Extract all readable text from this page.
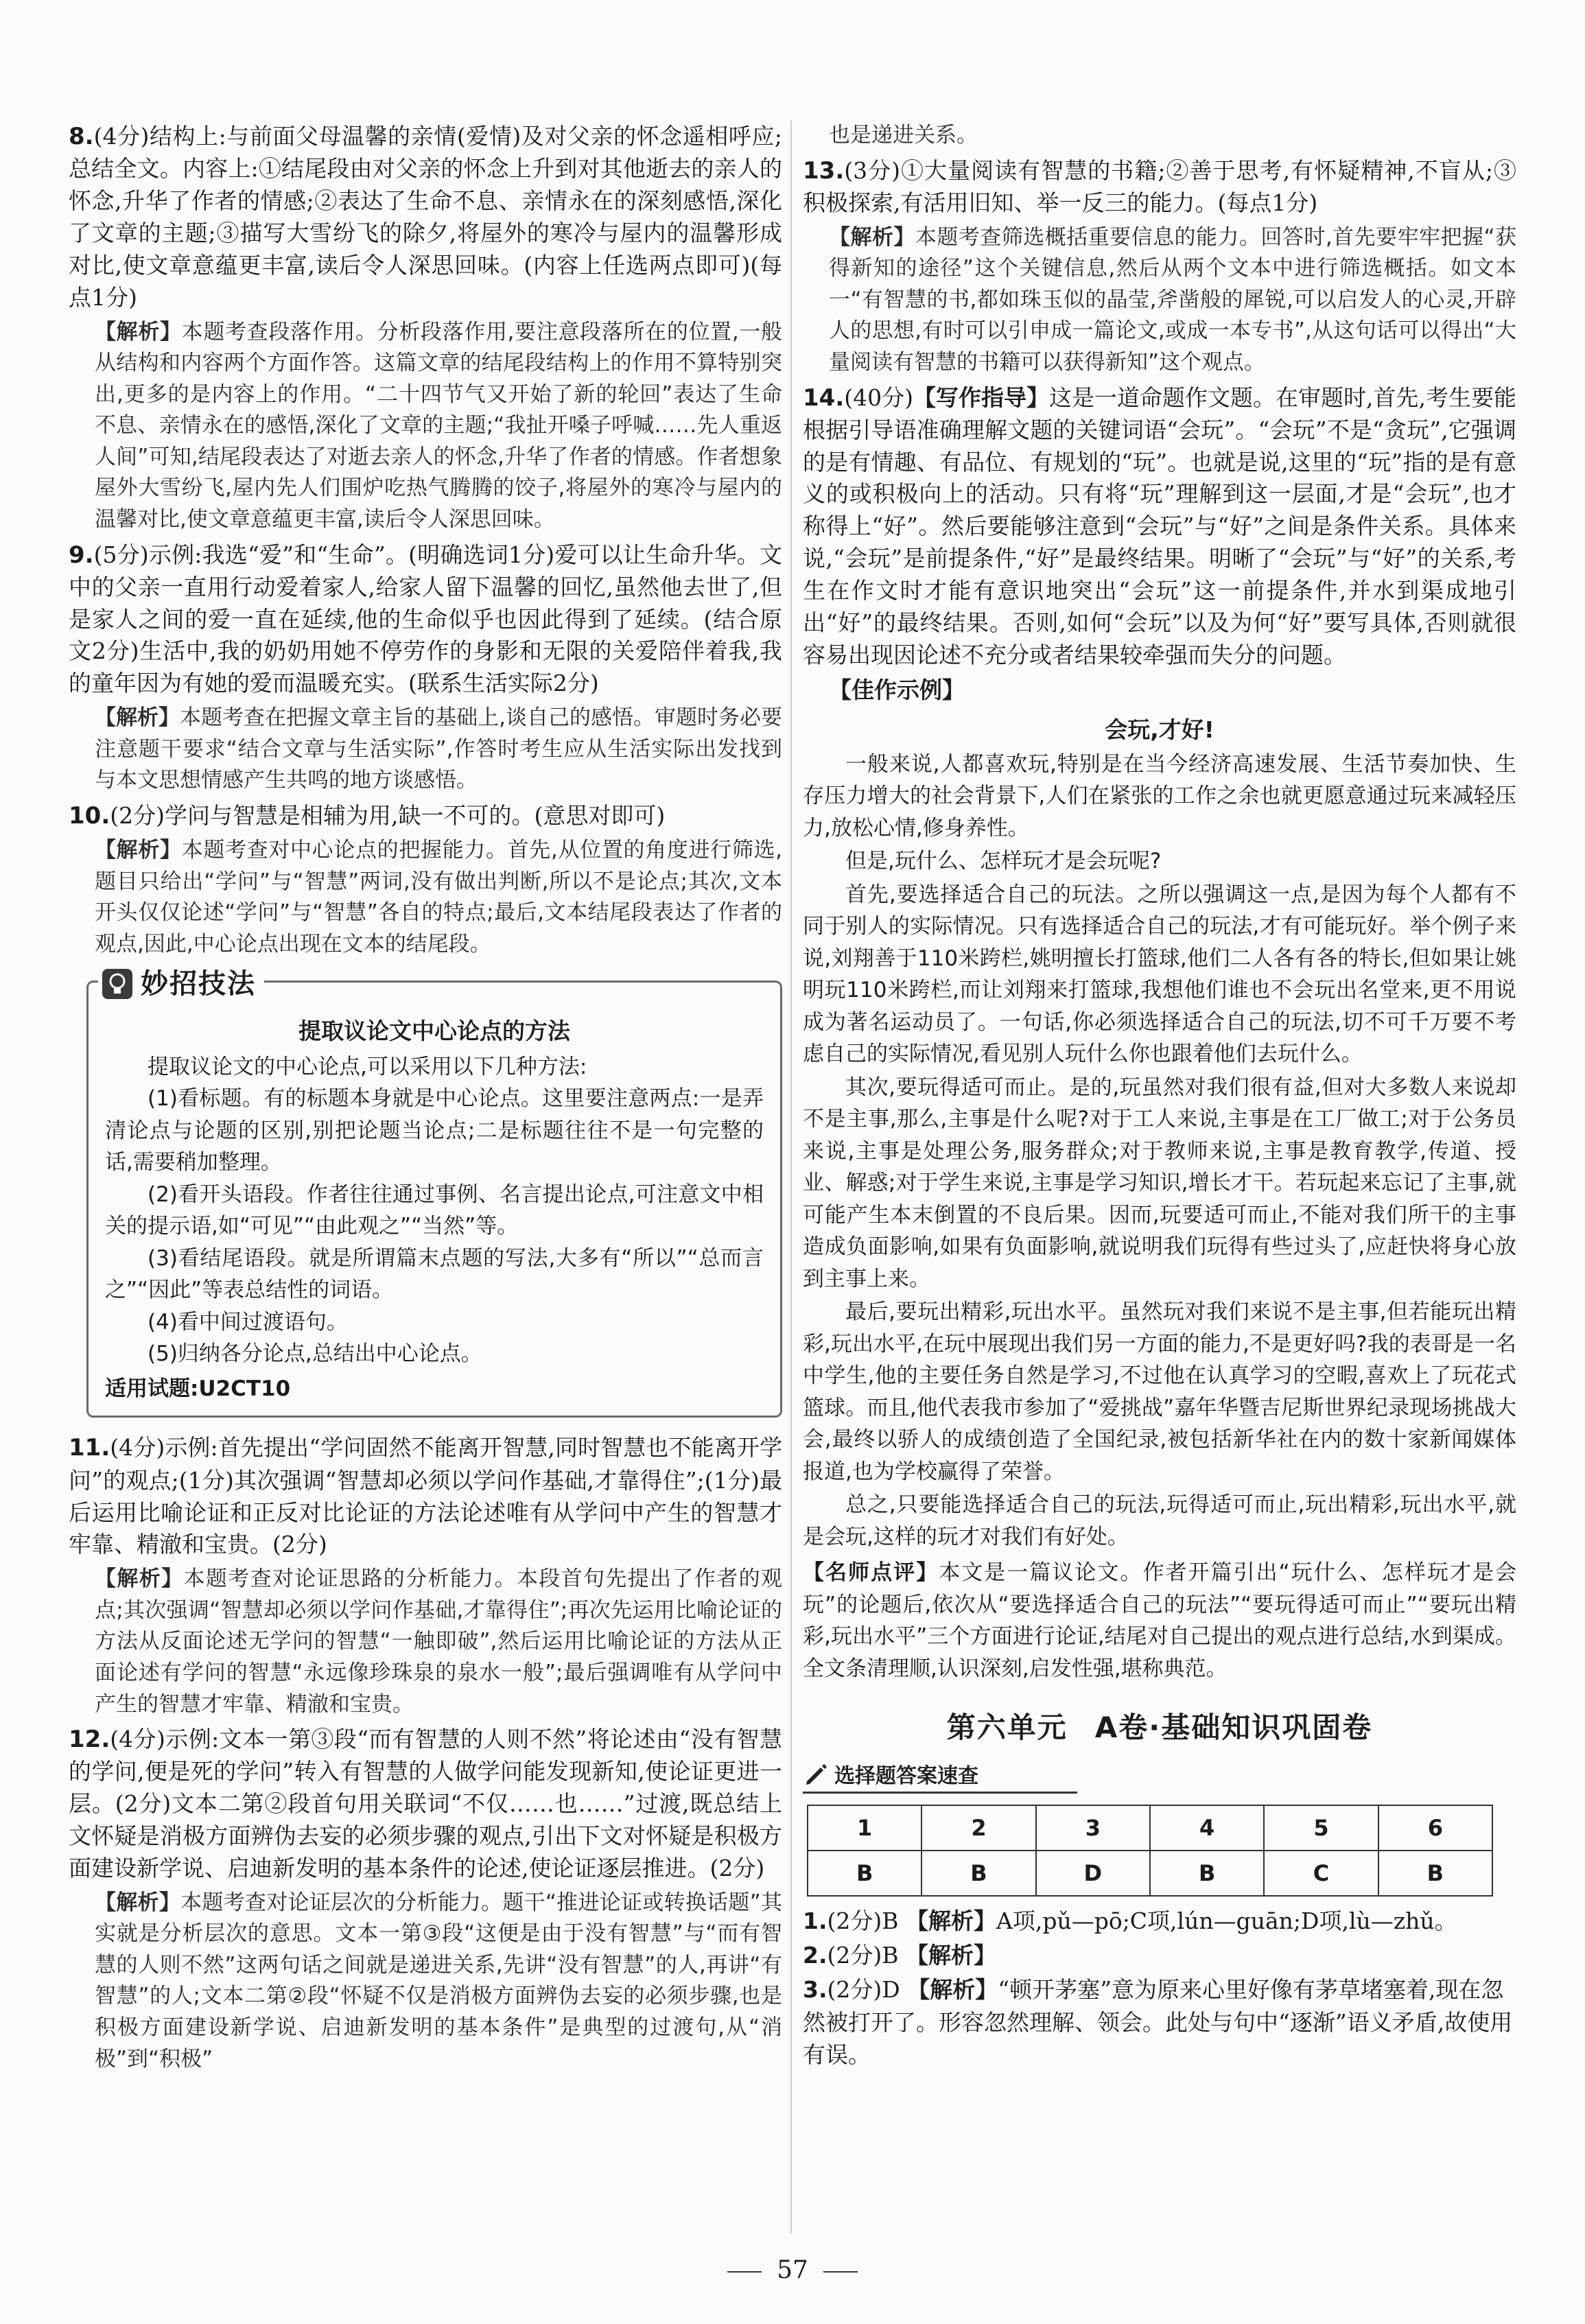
8.(4分)结构上:与前面父母温馨的亲情(爱情)及对父亲的怀念遥相呼应;总结全文。内容上:①结尾段由对父亲的怀念上升到对其他逝去的亲人的怀念,升华了作者的情感;②表达了生命不息、亲情永在的深刻感悟,深化了文章的主题;③描写大雪纷飞的除夕,将屋外的寒冷与屋内的温馨形成对比,使文章意蕴更丰富,读后令人深思回味。(内容上任选两点即可)(每点1分)
【解析】本题考查段落作用。分析段落作用,要注意段落所在的位置,一般从结构和内容两个方面作答。这篇文章的结尾段结构上的作用不算特别突出,更多的是内容上的作用。“二十四节气又开始了新的轮回”表达了生命不息、亲情永在的感悟,深化了文章的主题;“我扯开嗓子呼喊……先人重返人间”可知,结尾段表达了对逝去亲人的怀念,升华了作者的情感。作者想象屋外大雪纷飞,屋内先人们围炉吃热气腾腾的饺子,将屋外的寒冷与屋内的温馨对比,使文章意蕴更丰富,读后令人深思回味。
9.(5分)示例:我选“爱”和“生命”。(明确选词1分)爱可以让生命升华。文中的父亲一直用行动爱着家人,给家人留下温馨的回忆,虽然他去世了,但是家人之间的爱一直在延续,他的生命似乎也因此得到了延续。(结合原文2分)生活中,我的奶奶用她不停劳作的身影和无限的关爱陪伴着我,我的童年因为有她的爱而温暖充实。(联系生活实际2分)
【解析】本题考查在把握文章主旨的基础上,谈自己的感悟。审题时务必要注意题干要求“结合文章与生活实际”,作答时考生应从生活实际出发找到与本文思想情感产生共鸣的地方谈感悟。
10.(2分)学问与智慧是相辅为用,缺一不可的。(意思对即可)
【解析】本题考查对中心论点的把握能力。首先,从位置的角度进行筛选,题目只给出“学问”与“智慧”两词,没有做出判断,所以不是论点;其次,文本开头仅仅论述“学问”与“智慧”各自的特点;最后,文本结尾段表达了作者的观点,因此,中心论点出现在文本的结尾段。
妙招技法
提取议论文中心论点的方法

提取议论文的中心论点,可以采用以下几种方法:

(1)看标题。有的标题本身就是中心论点。这里要注意两点:一是弄清论点与论题的区别,别把论题当论点;二是标题往往不是一句完整的话,需要稍加整理。

(2)看开头语段。作者往往通过事例、名言提出论点,可注意文中相关的提示语,如“可见”“由此观之”“当然”等。

(3)看结尾语段。就是所谓篇末点题的写法,大多有“所以”“总而言之”“因此”等表总结性的词语。

(4)看中间过渡语句。

(5)归纳各分论点,总结出中心论点。

适用试题:U2CT10

11.(4分)示例:首先提出“学问固然不能离开智慧,同时智慧也不能离开学问”的观点;(1分)其次强调“智慧却必须以学问作基础,才靠得住”;(1分)最后运用比喻论证和正反对比论证的方法论述唯有从学问中产生的智慧才牢靠、精澈和宝贵。(2分)
【解析】本题考查对论证思路的分析能力。本段首句先提出了作者的观点;其次强调“智慧却必须以学问作基础,才靠得住”;再次先运用比喻论证的方法从反面论述无学问的智慧“一触即破”,然后运用比喻论证的方法从正面论述有学问的智慧“永远像珍珠泉的泉水一般”;最后强调唯有从学问中产生的智慧才牢靠、精澈和宝贵。
12.(4分)示例:文本一第③段“而有智慧的人则不然”将论述由“没有智慧的学问,便是死的学问”转入有智慧的人做学问能发现新知,使论证更进一层。(2分)文本二第②段首句用关联词“不仅……也……”过渡,既总结上文怀疑是消极方面辨伪去妄的必须步骤的观点,引出下文对怀疑是积极方面建设新学说、启迪新发明的基本条件的论述,使论证逐层推进。(2分)
【解析】本题考查对论证层次的分析能力。题干“推进论证或转换话题”其实就是分析层次的意思。文本一第③段“这便是由于没有智慧”与“而有智慧的人则不然”这两句话之间就是递进关系,先讲“没有智慧”的人,再讲“有智慧”的人;文本二第②段“怀疑不仅是消极方面辨伪去妄的必须步骤,也是积极方面建设新学说、启迪新发明的基本条件”是典型的过渡句,从“消极”到“积极”
也是递进关系。
13.(3分)①大量阅读有智慧的书籍;②善于思考,有怀疑精神,不盲从;③积极探索,有活用旧知、举一反三的能力。(每点1分)
【解析】本题考查筛选概括重要信息的能力。回答时,首先要牢牢把握“获得新知的途径”这个关键信息,然后从两个文本中进行筛选概括。如文本一“有智慧的书,都如珠玉似的晶莹,斧凿般的犀锐,可以启发人的心灵,开辟人的思想,有时可以引申成一篇论文,或成一本专书”,从这句话可以得出“大量阅读有智慧的书籍可以获得新知”这个观点。
14.(40分)【写作指导】这是一道命题作文题。在审题时,首先,考生要能根据引导语准确理解文题的关键词语“会玩”。“会玩”不是“贪玩”,它强调的是有情趣、有品位、有规划的“玩”。也就是说,这里的“玩”指的是有意义的或积极向上的活动。只有将“玩”理解到这一层面,才是“会玩”,也才称得上“好”。然后要能够注意到“会玩”与“好”之间是条件关系。具体来说,“会玩”是前提条件,“好”是最终结果。明晰了“会玩”与“好”的关系,考生在作文时才能有意识地突出“会玩”这一前提条件,并水到渠成地引出“好”的最终结果。否则,如何“会玩”以及为何“好”要写具体,否则就很容易出现因论述不充分或者结果较牵强而失分的问题。
【佳作示例】
会玩,才好!

一般来说,人都喜欢玩,特别是在当今经济高速发展、生活节奏加快、生存压力增大的社会背景下,人们在紧张的工作之余也就更愿意通过玩来减轻压力,放松心情,修身养性。

但是,玩什么、怎样玩才是会玩呢?

首先,要选择适合自己的玩法。之所以强调这一点,是因为每个人都有不同于别人的实际情况。只有选择适合自己的玩法,才有可能玩好。举个例子来说,刘翔善于110米跨栏,姚明擅长打篮球,他们二人各有各的特长,但如果让姚明玩110米跨栏,而让刘翔来打篮球,我想他们谁也不会玩出名堂来,更不用说成为著名运动员了。一句话,你必须选择适合自己的玩法,切不可千万要不考虑自己的实际情况,看见别人玩什么你也跟着他们去玩什么。

其次,要玩得适可而止。是的,玩虽然对我们很有益,但对大多数人来说却不是主事,那么,主事是什么呢?对于工人来说,主事是在工厂做工;对于公务员来说,主事是处理公务,服务群众;对于教师来说,主事是教育教学,传道、授业、解惑;对于学生来说,主事是学习知识,增长才干。若玩起来忘记了主事,就可能产生本末倒置的不良后果。因而,玩要适可而止,不能对我们所干的主事造成负面影响,如果有负面影响,就说明我们玩得有些过头了,应赶快将身心放到主事上来。

最后,要玩出精彩,玩出水平。虽然玩对我们来说不是主事,但若能玩出精彩,玩出水平,在玩中展现出我们另一方面的能力,不是更好吗?我的表哥是一名中学生,他的主要任务自然是学习,不过他在认真学习的空暇,喜欢上了玩花式篮球。而且,他代表我市参加了“爱挑战”嘉年华暨吉尼斯世界纪录现场挑战大会,最终以骄人的成绩创造了全国纪录,被包括新华社在内的数十家新闻媒体报道,也为学校赢得了荣誉。

总之,只要能选择适合自己的玩法,玩得适可而止,玩出精彩,玩出水平,就是会玩,这样的玩才对我们有好处。

【名师点评】本文是一篇议论文。作者开篇引出“玩什么、怎样玩才是会玩”的论题后,依次从“要选择适合自己的玩法”“要玩得适可而止”“要玩出精彩,玩出水平”三个方面进行论证,结尾对自己提出的观点进行总结,水到渠成。全文条清理顺,认识深刻,启发性强,堪称典范。
第六单元 A卷·基础知识巩固卷
选择题答案速查
1	2	3	4	5	6
B	B	D	B	C	B
1.(2分)B 【解析】A项,pǔ—pō;C项,lún—guān;D项,lù—zhǔ。
2.(2分)B 【解析】
3.(2分)D 【解析】“顿开茅塞”意为原来心里好像有茅草堵塞着,现在忽然被打开了。形容忽然理解、领会。此处与句中“逐渐”语义矛盾,故使用有误。
57
